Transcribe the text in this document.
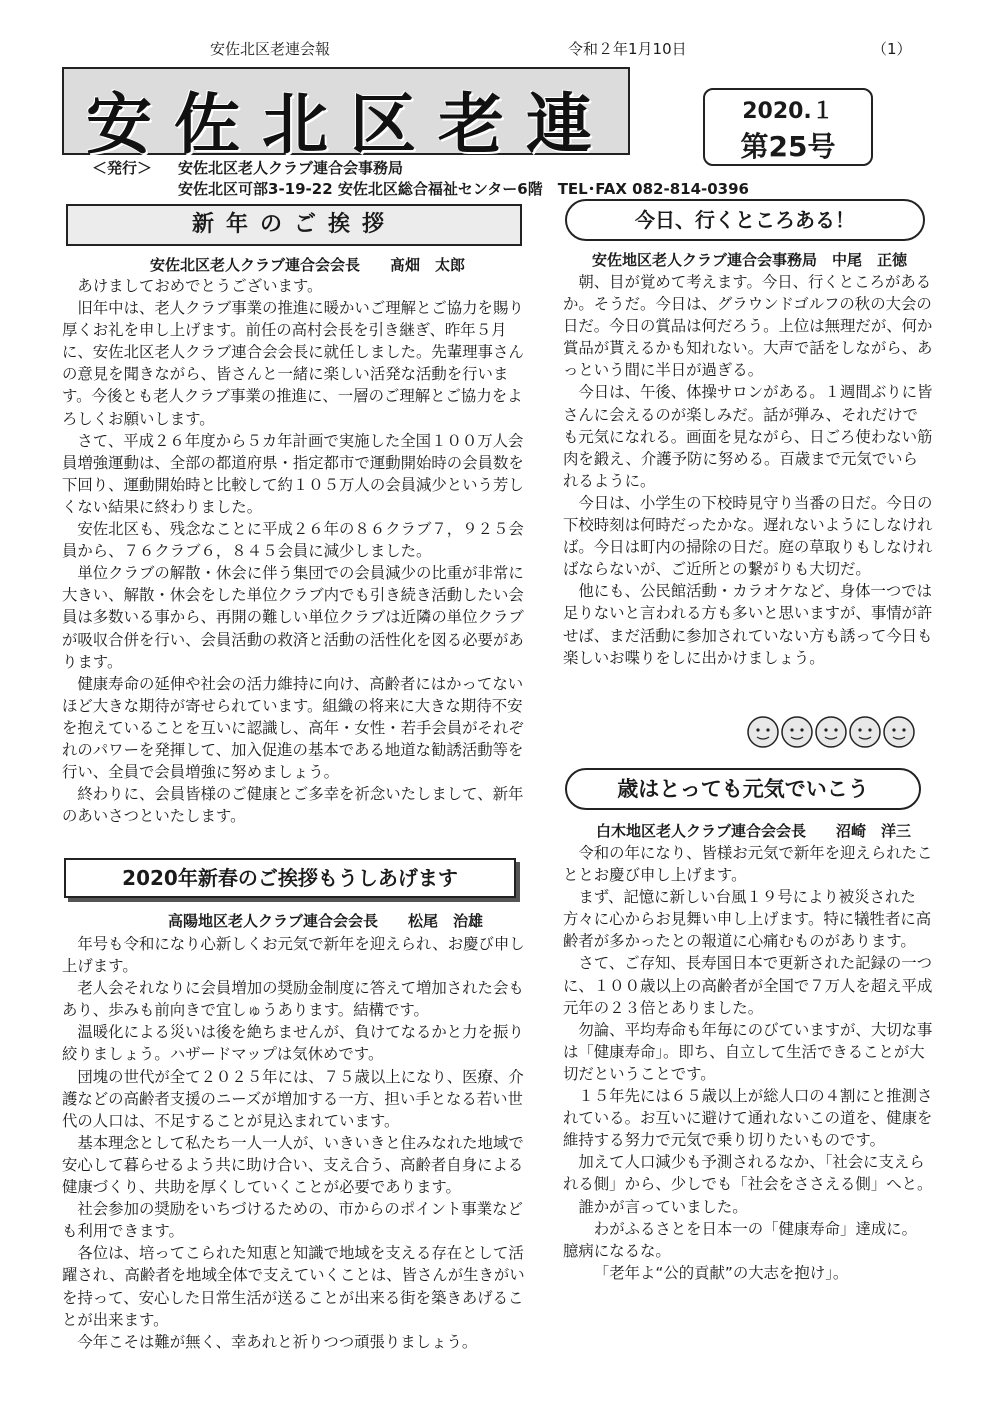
安佐北区老連会報	令和２年1月10日	（1）
安佐北区老連	2020.１
第25号
＜発行＞ 安佐北区老人クラブ連合会事務局
安佐北区可部3-19-22 安佐北区総合福祉センター6階　TEL･FAX 082-814-0396
新年のご挨拶
安佐北区老人クラブ連合会会長　　髙畑　太郎

あけましておめでとうございます。

旧年中は、老人クラブ事業の推進に暖かいご理解とご協力を賜り厚くお礼を申し上げます。前任の高村会長を引き継ぎ、昨年５月に、安佐北区老人クラブ連合会会長に就任しました。先輩理事さんの意見を聞きながら、皆さんと一緒に楽しい活発な活動を行います。今後とも老人クラブ事業の推進に、一層のご理解とご協力をよろしくお願いします。

さて、平成２６年度から５カ年計画で実施した全国１００万人会員増強運動は、全部の都道府県・指定都市で運動開始時の会員数を下回り、運動開始時と比較して約１０５万人の会員減少という芳しくない結果に終わりました。

安佐北区も、残念なことに平成２６年の８６クラブ７，９２５会員から、７６クラブ６，８４５会員に減少しました。

単位クラブの解散・休会に伴う集団での会員減少の比重が非常に大きい、解散・休会をした単位クラブ内でも引き続き活動したい会員は多数いる事から、再開の難しい単位クラブは近隣の単位クラブが吸収合併を行い、会員活動の救済と活動の活性化を図る必要があります。

健康寿命の延伸や社会の活力維持に向け、高齢者にはかってないほど大きな期待が寄せられています。組織の将来に大きな期待不安を抱えていることを互いに認識し、高年・女性・若手会員がそれぞれのパワーを発揮して、加入促進の基本である地道な勧誘活動等を行い、全員で会員増強に努めましょう。

終わりに、会員皆様のご健康とご多幸を祈念いたしまして、新年のあいさつといたします。

2020年新春のご挨拶もうしあげます
高陽地区老人クラブ連合会会長　　松尾　治雄

年号も令和になり心新しくお元気で新年を迎えられ、お慶び申し上げます。

老人会それなりに会員増加の奨励金制度に答えて増加された会もあり、歩みも前向きで宜しゅうあります。結構です。

温暖化による災いは後を絶ちませんが、負けてなるかと力を振り絞りましょう。ハザードマップは気休めです。

団塊の世代が全て２０２５年には、７５歳以上になり、医療、介護などの高齢者支援のニーズが増加する一方、担い手となる若い世代の人口は、不足することが見込まれています。

基本理念として私たち一人一人が、いきいきと住みなれた地域で安心して暮らせるよう共に助け合い、支え合う、高齢者自身による健康づくり、共助を厚くしていくことが必要であります。

社会参加の奨励をいちづけるための、市からのポイント事業なども利用できます。

各位は、培ってこられた知恵と知識で地域を支える存在として活躍され、高齢者を地域全体で支えていくことは、皆さんが生きがいを持って、安心した日常生活が送ることが出来る街を築きあげることが出来ます。

今年こそは難が無く、幸あれと祈りつつ頑張りましょう。

今日、行くところある！
安佐地区老人クラブ連合会事務局　中尾　正徳

朝、目が覚めて考えます。今日、行くところがあるか。そうだ。今日は、グラウンドゴルフの秋の大会の日だ。今日の賞品は何だろう。上位は無理だが、何か賞品が貰えるかも知れない。大声で話をしながら、あっという間に半日が過ぎる。

今日は、午後、体操サロンがある。１週間ぶりに皆さんに会えるのが楽しみだ。話が弾み、それだけでも元気になれる。画面を見ながら、日ごろ使わない筋肉を鍛え、介護予防に努める。百歳まで元気でいられるように。

今日は、小学生の下校時見守り当番の日だ。今日の下校時刻は何時だったかな。遅れないようにしなければ。今日は町内の掃除の日だ。庭の草取りもしなければならないが、ご近所との繋がりも大切だ。

他にも、公民館活動・カラオケなど、身体一つでは足りないと言われる方も多いと思いますが、事情が許せば、まだ活動に参加されていない方も誘って今日も楽しいお喋りをしに出かけましょう。

歳はとっても元気でいこう
白木地区老人クラブ連合会会長　　沼崎　洋三

令和の年になり、皆様お元気で新年を迎えられたこととお慶び申し上げます。

まず、記憶に新しい台風１９号により被災された方々に心からお見舞い申し上げます。特に犠牲者に高齢者が多かったとの報道に心痛むものがあります。

さて、ご存知、長寿国日本で更新された記録の一つに、１００歳以上の高齢者が全国で７万人を超え平成元年の２３倍とありました。

勿論、平均寿命も年毎にのびていますが、大切な事は「健康寿命」。即ち、自立して生活できることが大切だということです。

１５年先には６５歳以上が総人口の４割にと推測されている。お互いに避けて通れないこの道を、健康を維持する努力で元気で乗り切りたいものです。

加えて人口減少も予測されるなか、「社会に支えられる側」から、少しでも「社会をささえる側」へと。

誰かが言っていました。

わがふるさとを日本一の「健康寿命」達成に。

臆病になるな。

「老年よ“公的貢献”の大志を抱け」。
